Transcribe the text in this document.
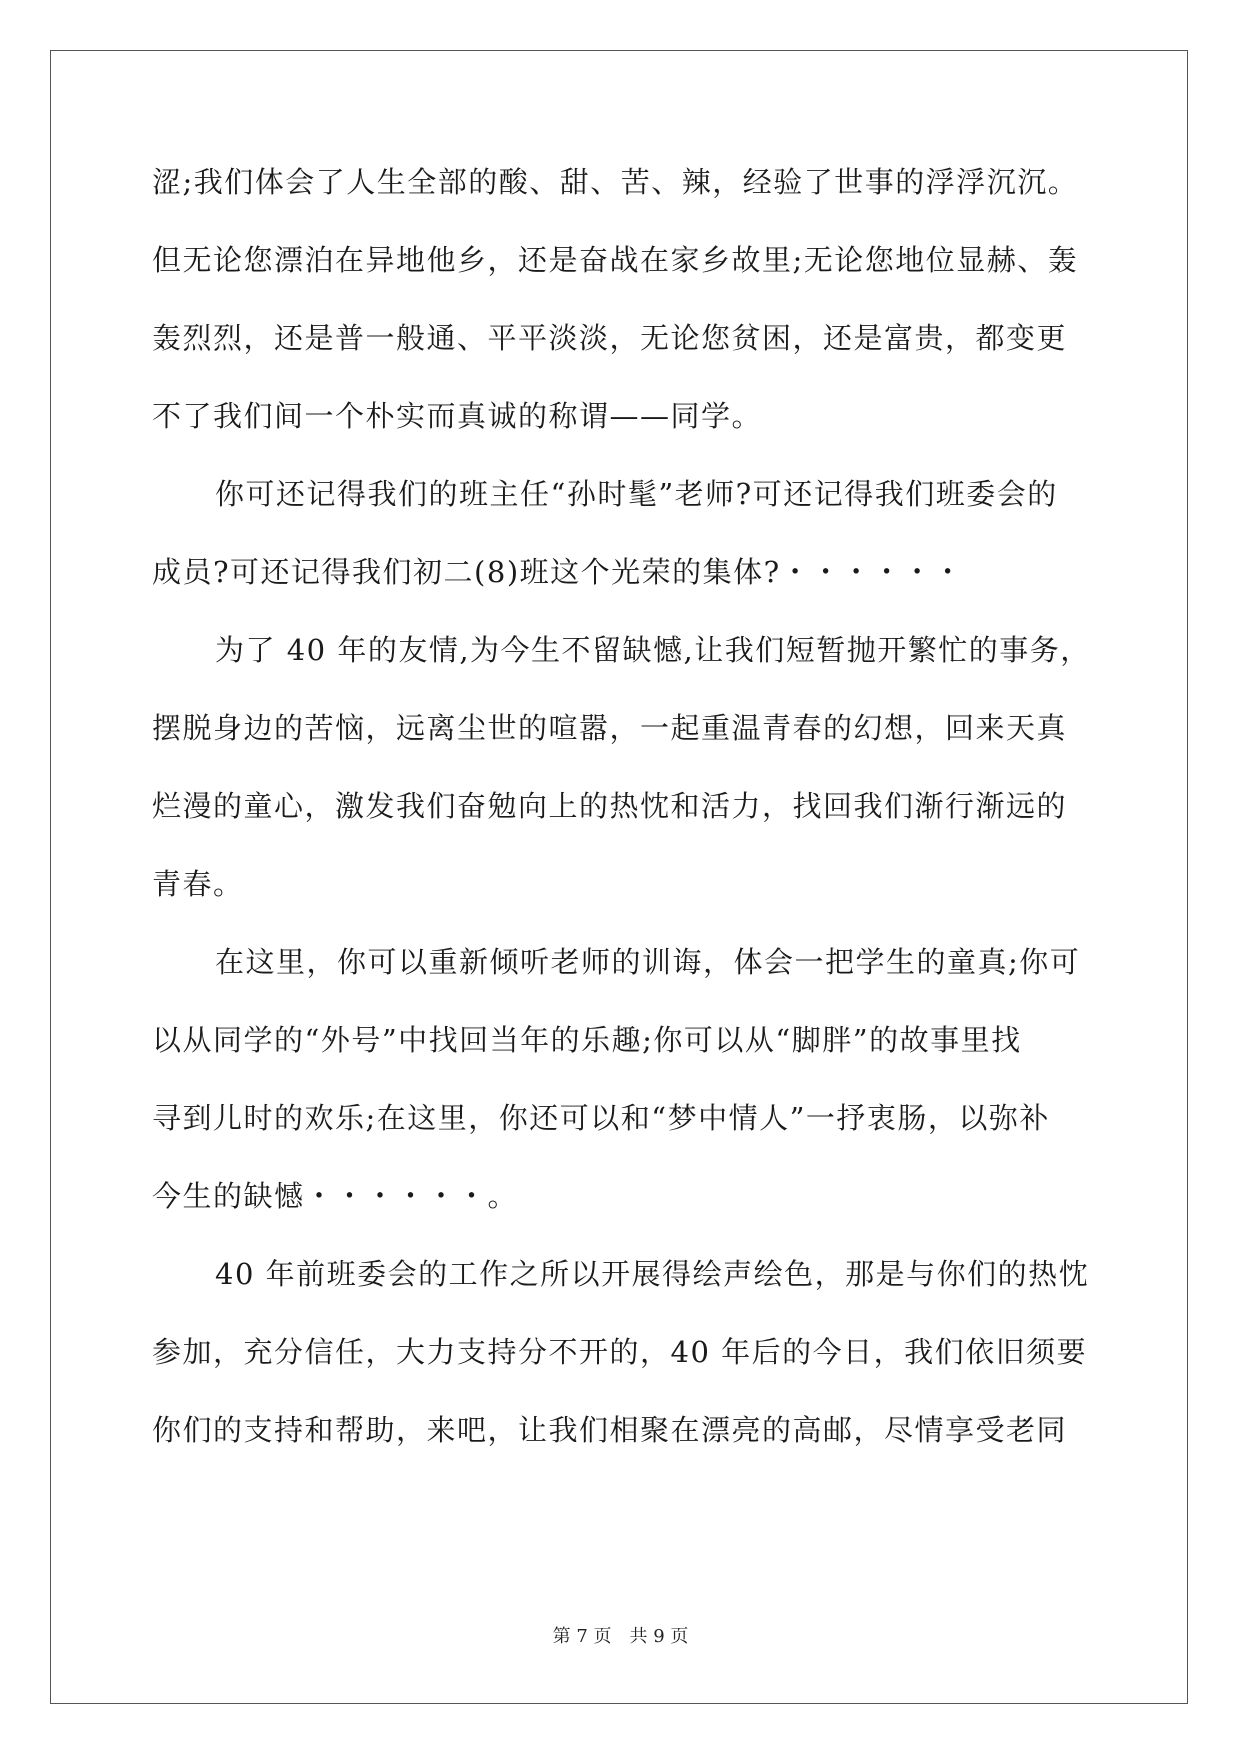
涩;我们体会了人生全部的酸、甜、苦、辣，经验了世事的浮浮沉沉。
但无论您漂泊在异地他乡，还是奋战在家乡故里;无论您地位显赫、轰
轰烈烈，还是普一般通、平平淡淡，无论您贫困，还是富贵，都变更
不了我们间一个朴实而真诚的称谓——同学。
你可还记得我们的班主任“孙时髦”老师?可还记得我们班委会的
成员?可还记得我们初二(8)班这个光荣的集体?・・・・・・
为了 40 年的友情,为今生不留缺憾,让我们短暂抛开繁忙的事务，
摆脱身边的苦恼，远离尘世的喧嚣，一起重温青春的幻想，回来天真
烂漫的童心，激发我们奋勉向上的热忱和活力，找回我们渐行渐远的
青春。
在这里，你可以重新倾听老师的训诲，体会一把学生的童真;你可
以从同学的“外号”中找回当年的乐趣;你可以从“脚胖”的故事里找
寻到儿时的欢乐;在这里，你还可以和“梦中情人”一抒衷肠，以弥补
今生的缺憾・・・・・・。
40 年前班委会的工作之所以开展得绘声绘色，那是与你们的热忱
参加，充分信任，大力支持分不开的，40 年后的今日，我们依旧须要
你们的支持和帮助，来吧，让我们相聚在漂亮的高邮，尽情享受老同
第 7 页　共 9 页
